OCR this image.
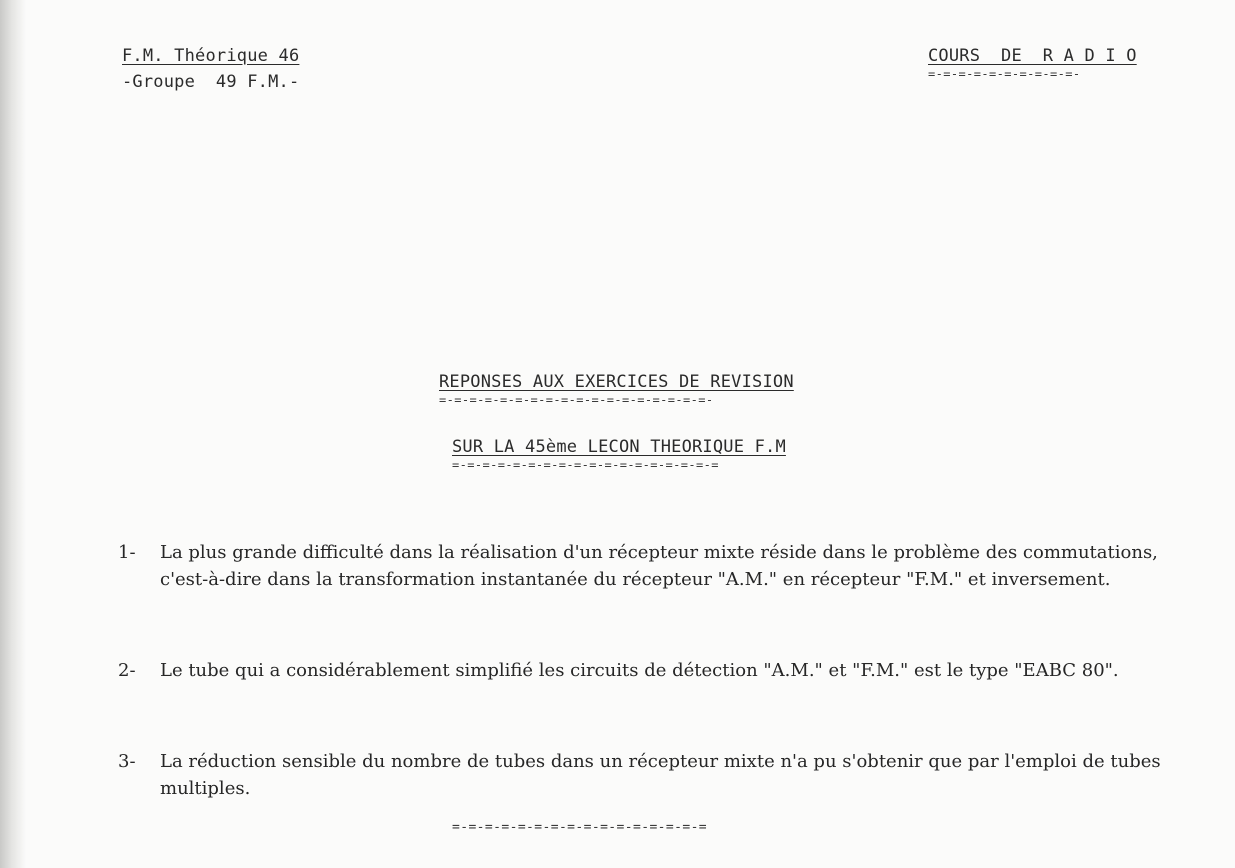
F.M. Théorique 46
-Groupe  49 F.M.-
COURS  DE  R A D I O
=-=-=-=-=-=-=-=-=-=-
REPONSES AUX EXERCICES DE REVISION
=-=-=-=-=-=-=-=-=-=-=-=-=-=-=-=-=-=-
SUR LA 45ème LECON THEORIQUE F.M
=-=-=-=-=-=-=-=-=-=-=-=-=-=-=-=-=-=
1-	La plus grande difficulté dans la réalisation d'un récepteur mixte réside dans le problème des commutations, c'est-à-dire dans la transformation instantanée du récepteur "A.M." en récepteur "F.M." et inversement.
2-	Le tube qui a considérablement simplifié les circuits de détection "A.M." et "F.M." est le type "EABC 80".
3-	La réduction sensible du nombre de tubes dans un récepteur mixte n'a pu s'obtenir que par l'emploi de tubes multiples.
=-=-=-=-=-=-=-=-=-=-=-=-=-=-=-=
